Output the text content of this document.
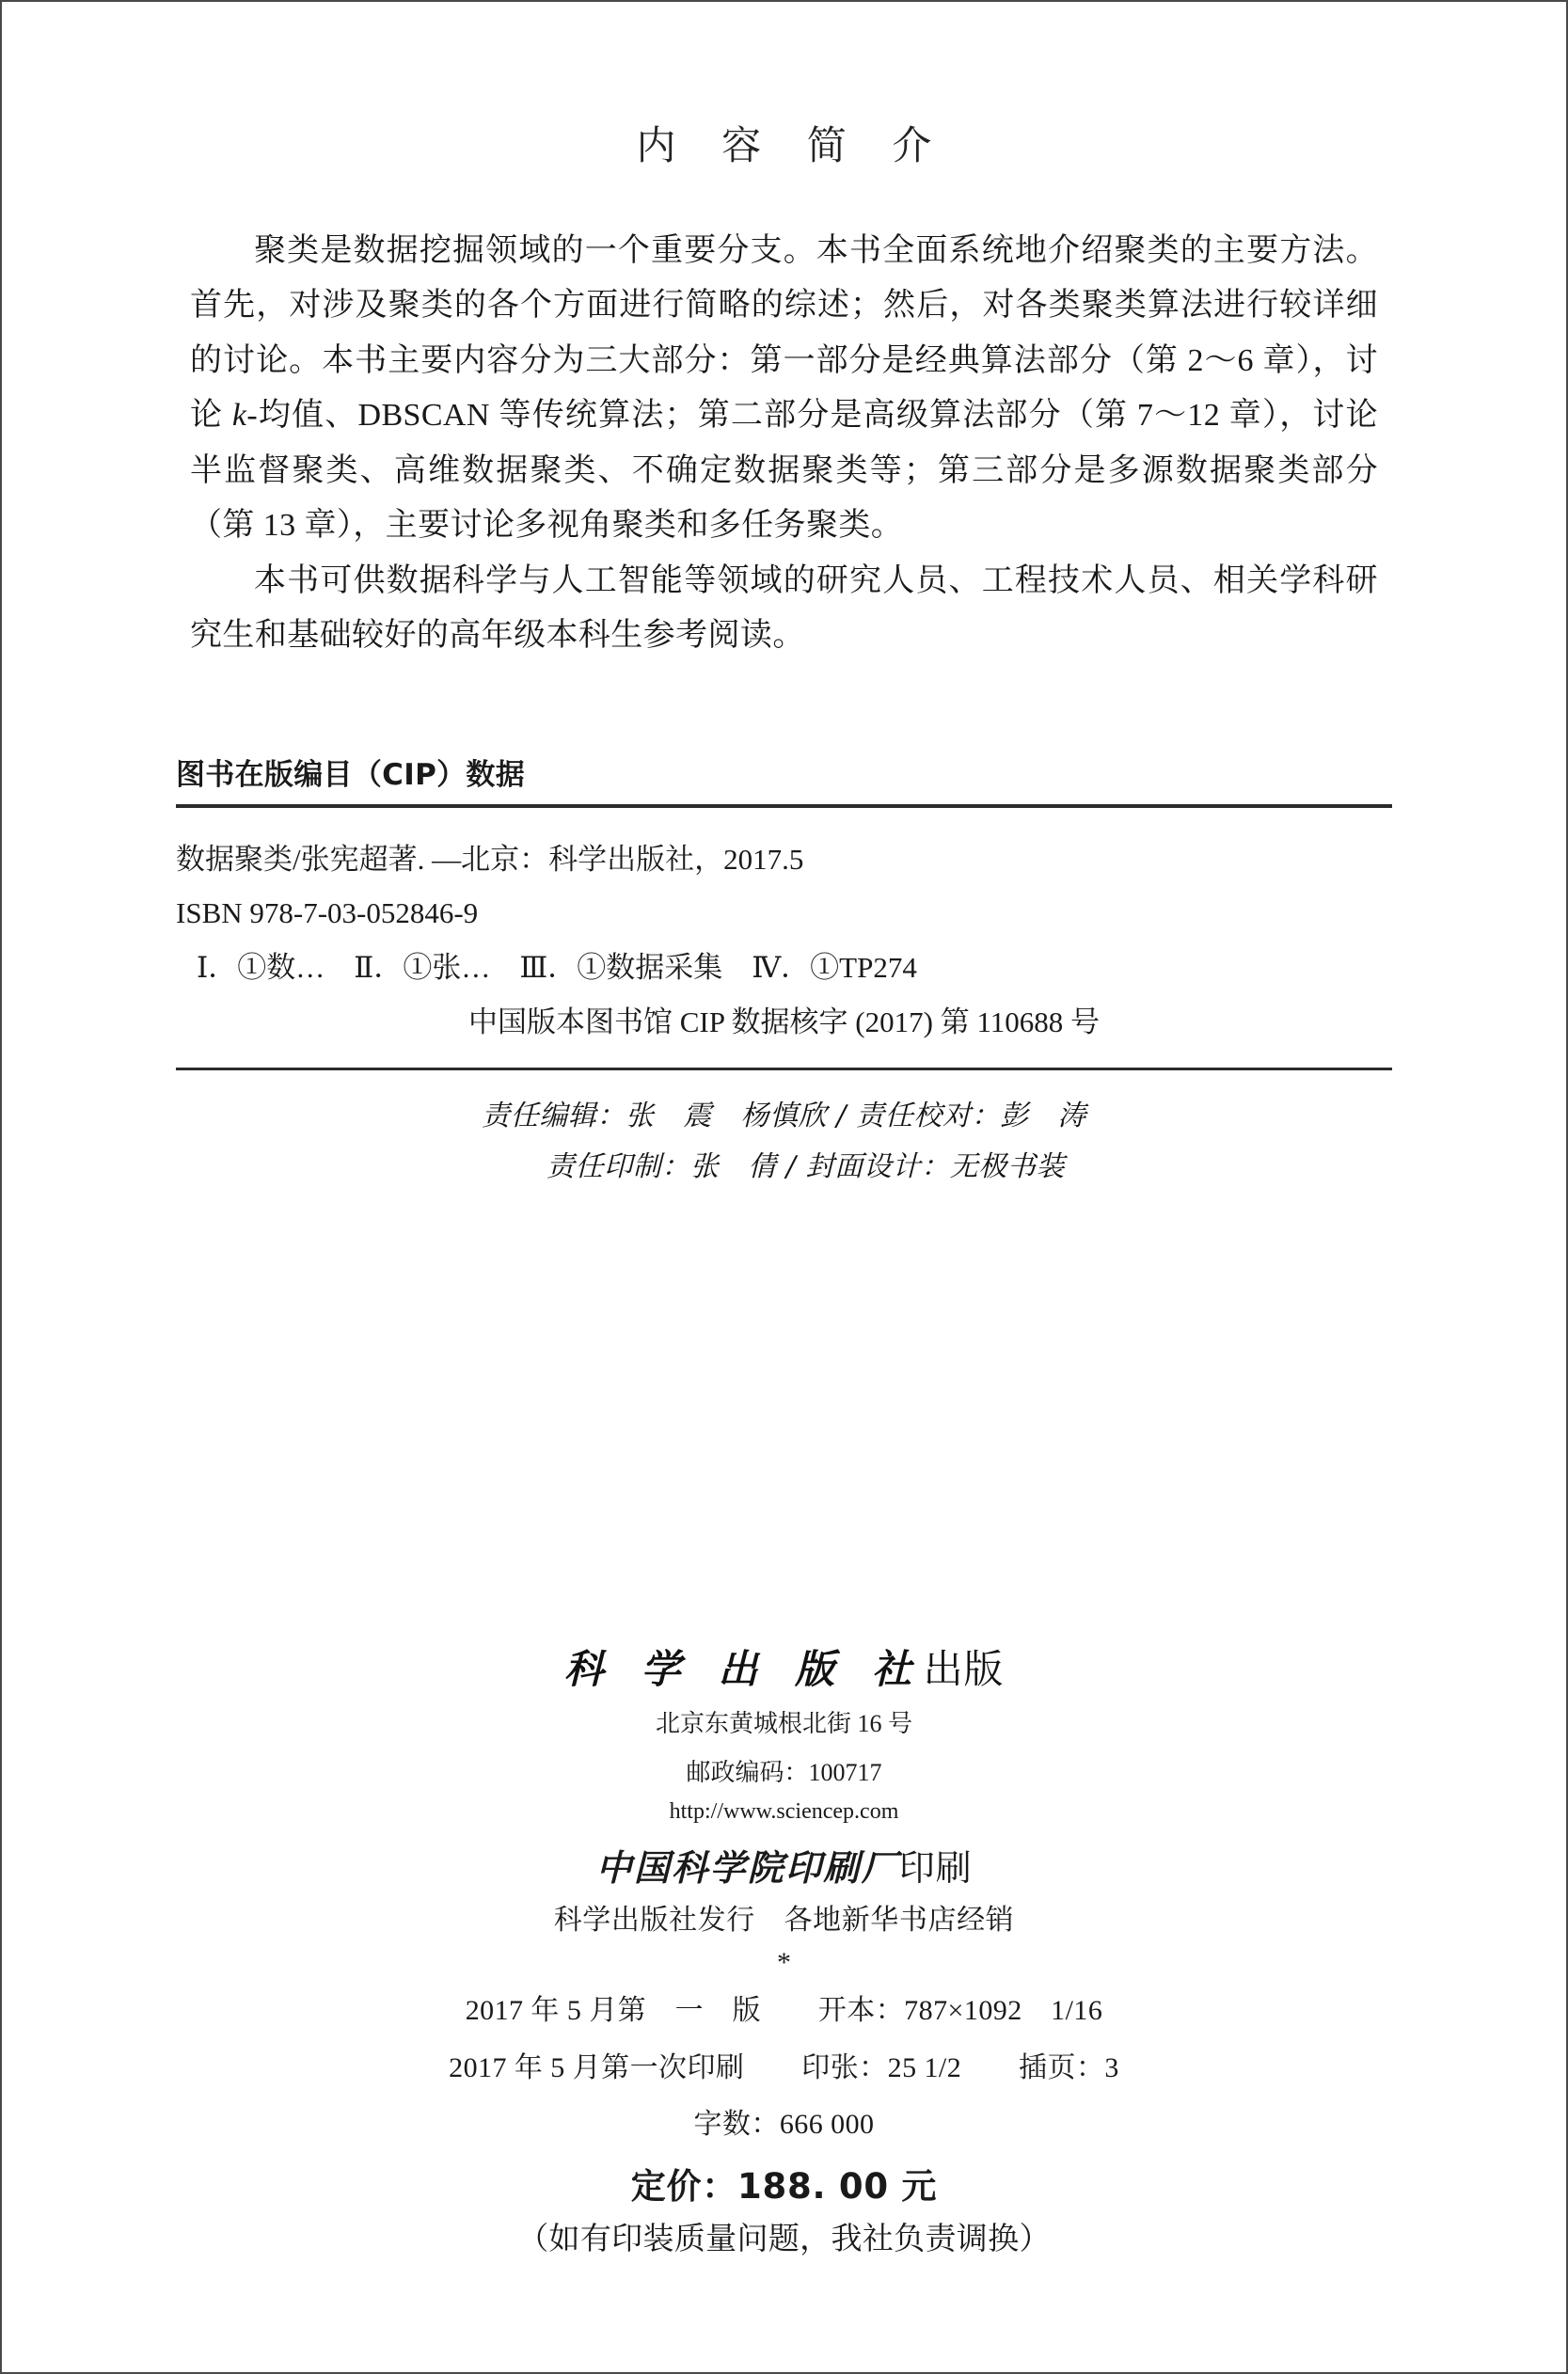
内 容 简 介

聚类是数据挖掘领域的一个重要分支。本书全面系统地介绍聚类的主要方法。首先，对涉及聚类的各个方面进行简略的综述；然后，对各类聚类算法进行较详细的讨论。本书主要内容分为三大部分：第一部分是经典算法部分（第 2～6 章），讨论 k-均值、DBSCAN 等传统算法；第二部分是高级算法部分（第 7～12 章），讨论半监督聚类、高维数据聚类、不确定数据聚类等；第三部分是多源数据聚类部分（第 13 章），主要讨论多视角聚类和多任务聚类。

本书可供数据科学与人工智能等领域的研究人员、工程技术人员、相关学科研究生和基础较好的高年级本科生参考阅读。

图书在版编目（CIP）数据
数据聚类/张宪超著. —北京：科学出版社，2017.5
ISBN 978-7-03-052846-9
Ⅰ．①数…　Ⅱ．①张…　Ⅲ．①数据采集　Ⅳ．①TP274
中国版本图书馆 CIP 数据核字 (2017) 第 110688 号
责任编辑：张　震　杨慎欣 / 责任校对：彭　涛
责任印制：张　倩 / 封面设计：无极书装
科 学 出 版 社出版
北京东黄城根北街 16 号
邮政编码：100717
http://www.sciencep.com
中国科学院印刷厂印刷
科学出版社发行　各地新华书店经销
*
2017 年 5 月第　一　版　　开本：787×1092　1/16
2017 年 5 月第一次印刷　　印张：25 1/2　　插页：3
字数：666 000
定价：188. 00 元
（如有印装质量问题，我社负责调换）
